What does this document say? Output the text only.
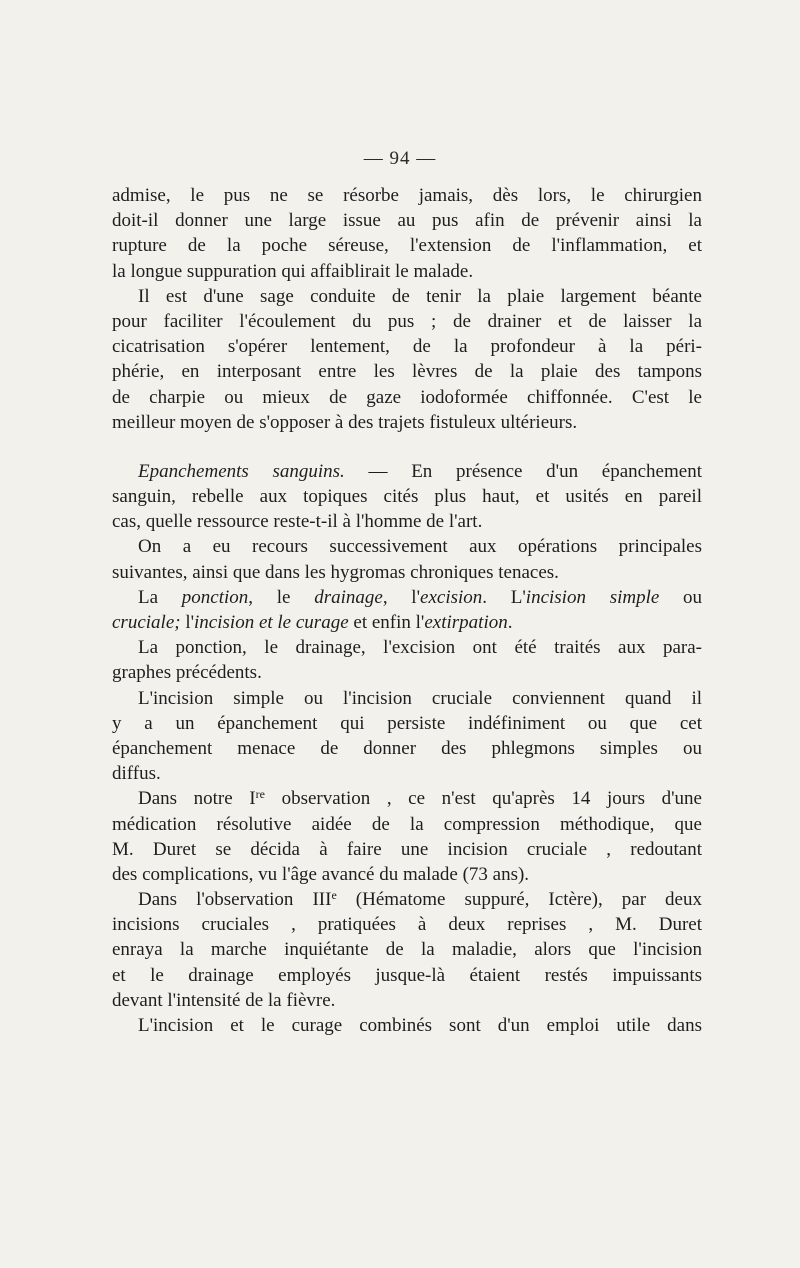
— 94 —
admise, le pus ne se résorbe jamais, dès lors, le chirurgien
doit-il donner une large issue au pus afin de prévenir ainsi la
rupture de la poche séreuse, l'extension de l'inflammation, et
la longue suppuration qui affaiblirait le malade.
Il est d'une sage conduite de tenir la plaie largement béante
pour faciliter l'écoulement du pus ; de drainer et de laisser la
cicatrisation s'opérer lentement, de la profondeur à la péri-
phérie, en interposant entre les lèvres de la plaie des tampons
de charpie ou mieux de gaze iodoformée chiffonnée. C'est le
meilleur moyen de s'opposer à des trajets fistuleux ultérieurs.
Epanchements sanguins. — En présence d'un épanchement
sanguin, rebelle aux topiques cités plus haut, et usités en pareil
cas, quelle ressource reste-t-il à l'homme de l'art.
On a eu recours successivement aux opérations principales
suivantes, ainsi que dans les hygromas chroniques tenaces.
La ponction, le drainage, l'excision. L'incision simple ou
cruciale; l'incision et le curage et enfin l'extirpation.
La ponction, le drainage, l'excision ont été traités aux para-
graphes précédents.
L'incision simple ou l'incision cruciale conviennent quand il
y a un épanchement qui persiste indéfiniment ou que cet
épanchement menace de donner des phlegmons simples ou
diffus.
Dans notre Ire observation , ce n'est qu'après 14 jours d'une
médication résolutive aidée de la compression méthodique, que
M. Duret se décida à faire une incision cruciale , redoutant
des complications, vu l'âge avancé du malade (73 ans).
Dans l'observation IIIe (Hématome suppuré, Ictère), par deux
incisions cruciales , pratiquées à deux reprises , M. Duret
enraya la marche inquiétante de la maladie, alors que l'incision
et le drainage employés jusque-là étaient restés impuissants
devant l'intensité de la fièvre.
L'incision et le curage combinés sont d'un emploi utile dans
